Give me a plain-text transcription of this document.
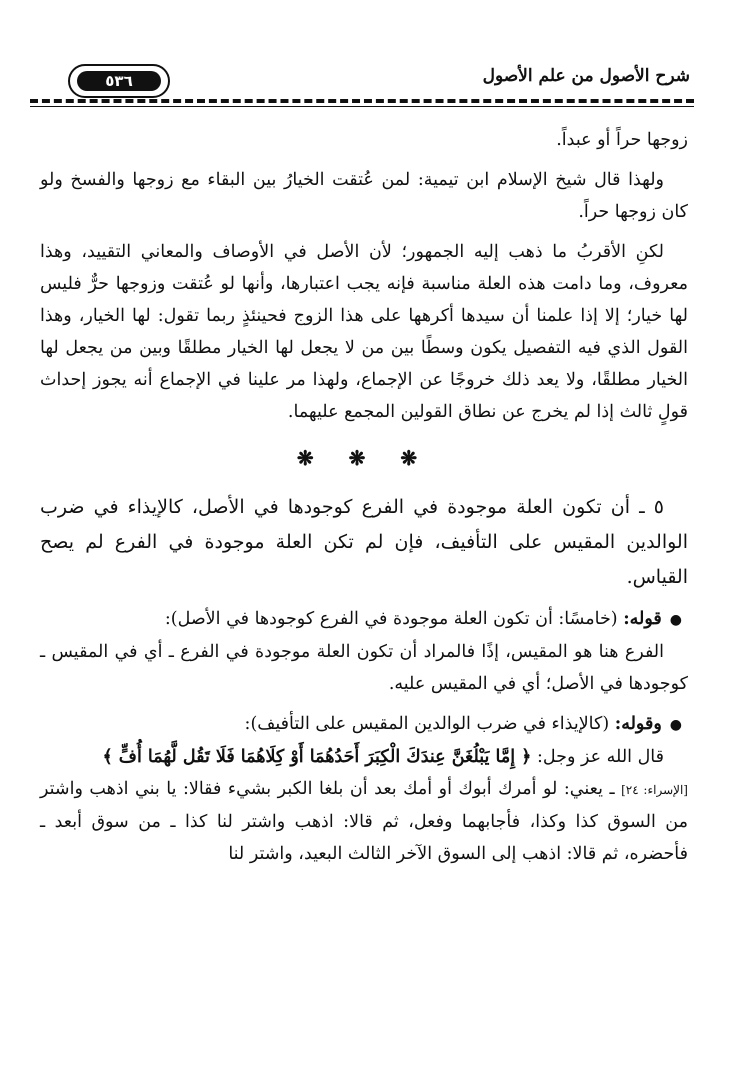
٥٣٦	شرح الأصول من علم الأصول

زوجها حراً أو عبداً.

ولهذا قال شيخ الإسلام ابن تيمية: لمن عُتقت الخيارُ بين البقاء مع زوجها والفسخ ولو كان زوجها حراً.

لكنِ الأقربُ ما ذهب إليه الجمهور؛ لأن الأصل في الأوصاف والمعاني التقييد، وهذا معروف، وما دامت هذه العلة مناسبة فإنه يجب اعتبارها، وأنها لو عُتقت وزوجها حرٌّ فليس لها خيار؛ إلا إذا علمنا أن سيدها أكرهها على هذا الزوج فحينئذٍ ربما تقول: لها الخيار، وهذا القول الذي فيه التفصيل يكون وسطًا بين من لا يجعل لها الخيار مطلقًا وبين من يجعل لها الخيار مطلقًا، ولا يعد ذلك خروجًا عن الإجماع، ولهذا مر علينا في الإجماع أنه يجوز إحداث قولٍ ثالث إذا لم يخرج عن نطاق القولين المجمع عليهما.

❋ ❋ ❋

٥ ـ أن تكون العلة موجودة في الفرع كوجودها في الأصل، كالإيذاء في ضرب الوالدين المقيس على التأفيف، فإن لم تكن العلة موجودة في الفرع لم يصح القياس.

●قوله: (خامسًا: أن تكون العلة موجودة في الفرع كوجودها في الأصل):

الفرع هنا هو المقيس، إذًا فالمراد أن تكون العلة موجودة في الفرع ـ أي في المقيس ـ كوجودها في الأصل؛ أي في المقيس عليه.

●وقوله: (كالإيذاء في ضرب الوالدين المقيس على التأفيف):

قال الله عز وجل: ﴿ إِمَّا يَبْلُغَنَّ عِندَكَ الْكِبَرَ أَحَدُهُمَا أَوْ كِلَاهُمَا فَلَا تَقُل لَّهُمَا أُفٍّ ﴾

[الإسراء: ٢٤] ـ يعني: لو أمرك أبوك أو أمك بعد أن بلغا الكبر بشيء فقالا: يا بني اذهب واشتر من السوق كذا وكذا، فأجابهما وفعل، ثم قالا: اذهب واشتر لنا كذا ـ من سوق أبعد ـ فأحضره، ثم قالا: اذهب إلى السوق الآخر الثالث البعيد، واشتر لنا
